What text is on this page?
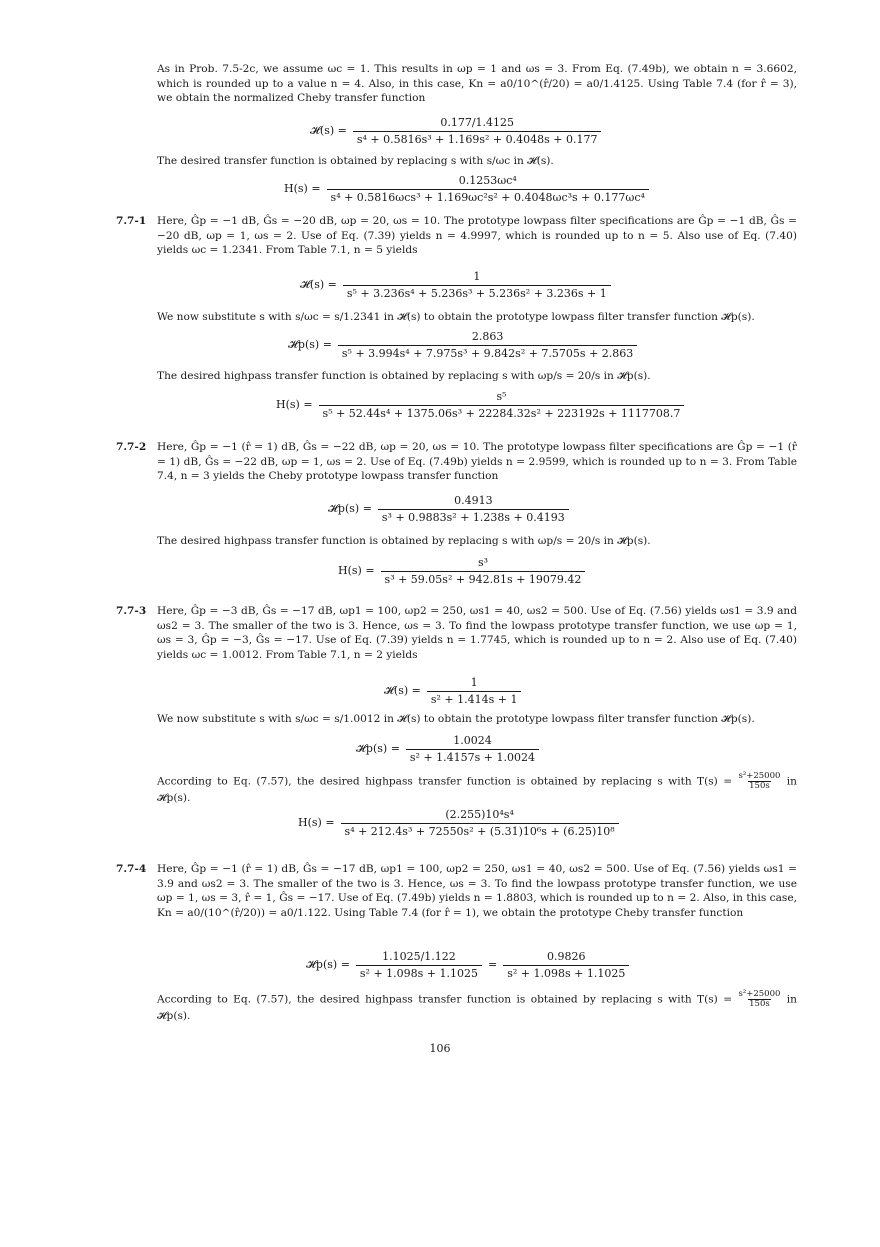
As in Prob. 7.5-2c, we assume ωc = 1. This results in ωp = 1 and ωs = 3. From Eq. (7.49b), we obtain n = 3.6602, which is rounded up to a value n = 4. Also, in this case, Kn = a0/10^(r̂/20) = a0/1.4125. Using Table 7.4 (for r̂ = 3), we obtain the normalized Cheby transfer function
𝓗(s) = $\frac{0.177/1.4125}{\text{s⁴ + 0.5816s³ + 1.169s² + 0.4048s + 0.177}}$
The desired transfer function is obtained by replacing s with s/ωc in 𝓗(s).
$H(s) = \frac{\text{0.1253ωc⁴}}{\text{s⁴ + 0.5816ωcs³ + 1.169ωc²s² + 0.4048ωc³s + 0.177ωc⁴}}$
7.7-1 Here, Ĝp = −1 dB, Ĝs = −20 dB, ωp = 20, ωs = 10. The prototype lowpass filter specifications are Ĝp = −1 dB, Ĝs = −20 dB, ωp = 1, ωs = 2. Use of Eq. (7.39) yields n = 4.9997, which is rounded up to n = 5. Also use of Eq. (7.40) yields ωc = 1.2341. From Table 7.1, n = 5 yields
𝓗(s) = $\frac{1}{\text{s⁵ + 3.236s⁴ + 5.236s³ + 5.236s² + 3.236s + 1}}$
We now substitute s with s/ωc = s/1.2341 in 𝓗(s) to obtain the prototype lowpass filter transfer function 𝓗p(s).
𝓗p(s) = $\frac{2.863}{\text{s⁵ + 3.994s⁴ + 7.975s³ + 9.842s² + 7.5705s + 2.863}}$
The desired highpass transfer function is obtained by replacing s with ωp/s = 20/s in 𝓗p(s).
$H(s) = \frac{\text{s⁵}}{\text{s⁵ + 52.44s⁴ + 1375.06s³ + 22284.32s² + 223192s + 1117708.7}}$
7.7-2 Here, Ĝp = −1 (r̂ = 1) dB, Ĝs = −22 dB, ωp = 20, ωs = 10. The prototype lowpass filter specifications are Ĝp = −1 (r̂ = 1) dB, Ĝs = −22 dB, ωp = 1, ωs = 2. Use of Eq. (7.49b) yields n = 2.9599, which is rounded up to n = 3. From Table 7.4, n = 3 yields the Cheby prototype lowpass transfer function
𝓗p(s) = $\frac{0.4913}{\text{s³ + 0.9883s² + 1.238s + 0.4193}}$
The desired highpass transfer function is obtained by replacing s with ωp/s = 20/s in 𝓗p(s).
$H(s) = \frac{\text{s³}}{\text{s³ + 59.05s² + 942.81s + 19079.42}}$
7.7-3 Here, Ĝp = −3 dB, Ĝs = −17 dB, ωp1 = 100, ωp2 = 250, ωs1 = 40, ωs2 = 500. Use of Eq. (7.56) yields ωs1 = 3.9 and ωs2 = 3. The smaller of the two is 3. Hence, ωs = 3. To find the lowpass prototype transfer function, we use ωp = 1, ωs = 3, Ĝp = −3, Ĝs = −17. Use of Eq. (7.39) yields n = 1.7745, which is rounded up to n = 2. Also use of Eq. (7.40) yields ωc = 1.0012. From Table 7.1, n = 2 yields
𝓗(s) = $\frac{1}{\text{s² + 1.414s + 1}}$
We now substitute s with s/ωc = s/1.0012 in 𝓗(s) to obtain the prototype lowpass filter transfer function 𝓗p(s).
𝓗p(s) = $\frac{1.0024}{\text{s² + 1.4157s + 1.0024}}$
According to Eq. (7.57), the desired highpass transfer function is obtained by replacing s with $T(s) = \frac{\text{s²+25000}}{150s}$ in 𝓗p(s).
$H(s) = \frac{\text{(2.255)10⁴s⁴}}{\text{s⁴ + 212.4s³ + 72550s² + (5.31)10⁶s + (6.25)10⁸}}$
7.7-4 Here, Ĝp = −1 (r̂ = 1) dB, Ĝs = −17 dB, ωp1 = 100, ωp2 = 250, ωs1 = 40, ωs2 = 500. Use of Eq. (7.56) yields ωs1 = 3.9 and ωs2 = 3. The smaller of the two is 3. Hence, ωs = 3. To find the lowpass prototype transfer function, we use ωp = 1, ωs = 3, r̂ = 1, Ĝs = −17. Use of Eq. (7.49b) yields n = 1.8803, which is rounded up to n = 2. Also, in this case, Kn = a0/(10^(r̂/20)) = a0/1.122. Using Table 7.4 (for r̂ = 1), we obtain the prototype Cheby transfer function
𝓗p(s) = $\frac{1.1025/1.122}{\text{s² + 1.098s + 1.1025}} = \frac{0.9826}{\text{s² + 1.098s + 1.1025}}$
According to Eq. (7.57), the desired highpass transfer function is obtained by replacing s with $T(s) = \frac{\text{s²+25000}}{150s}$ in 𝓗p(s).
106
